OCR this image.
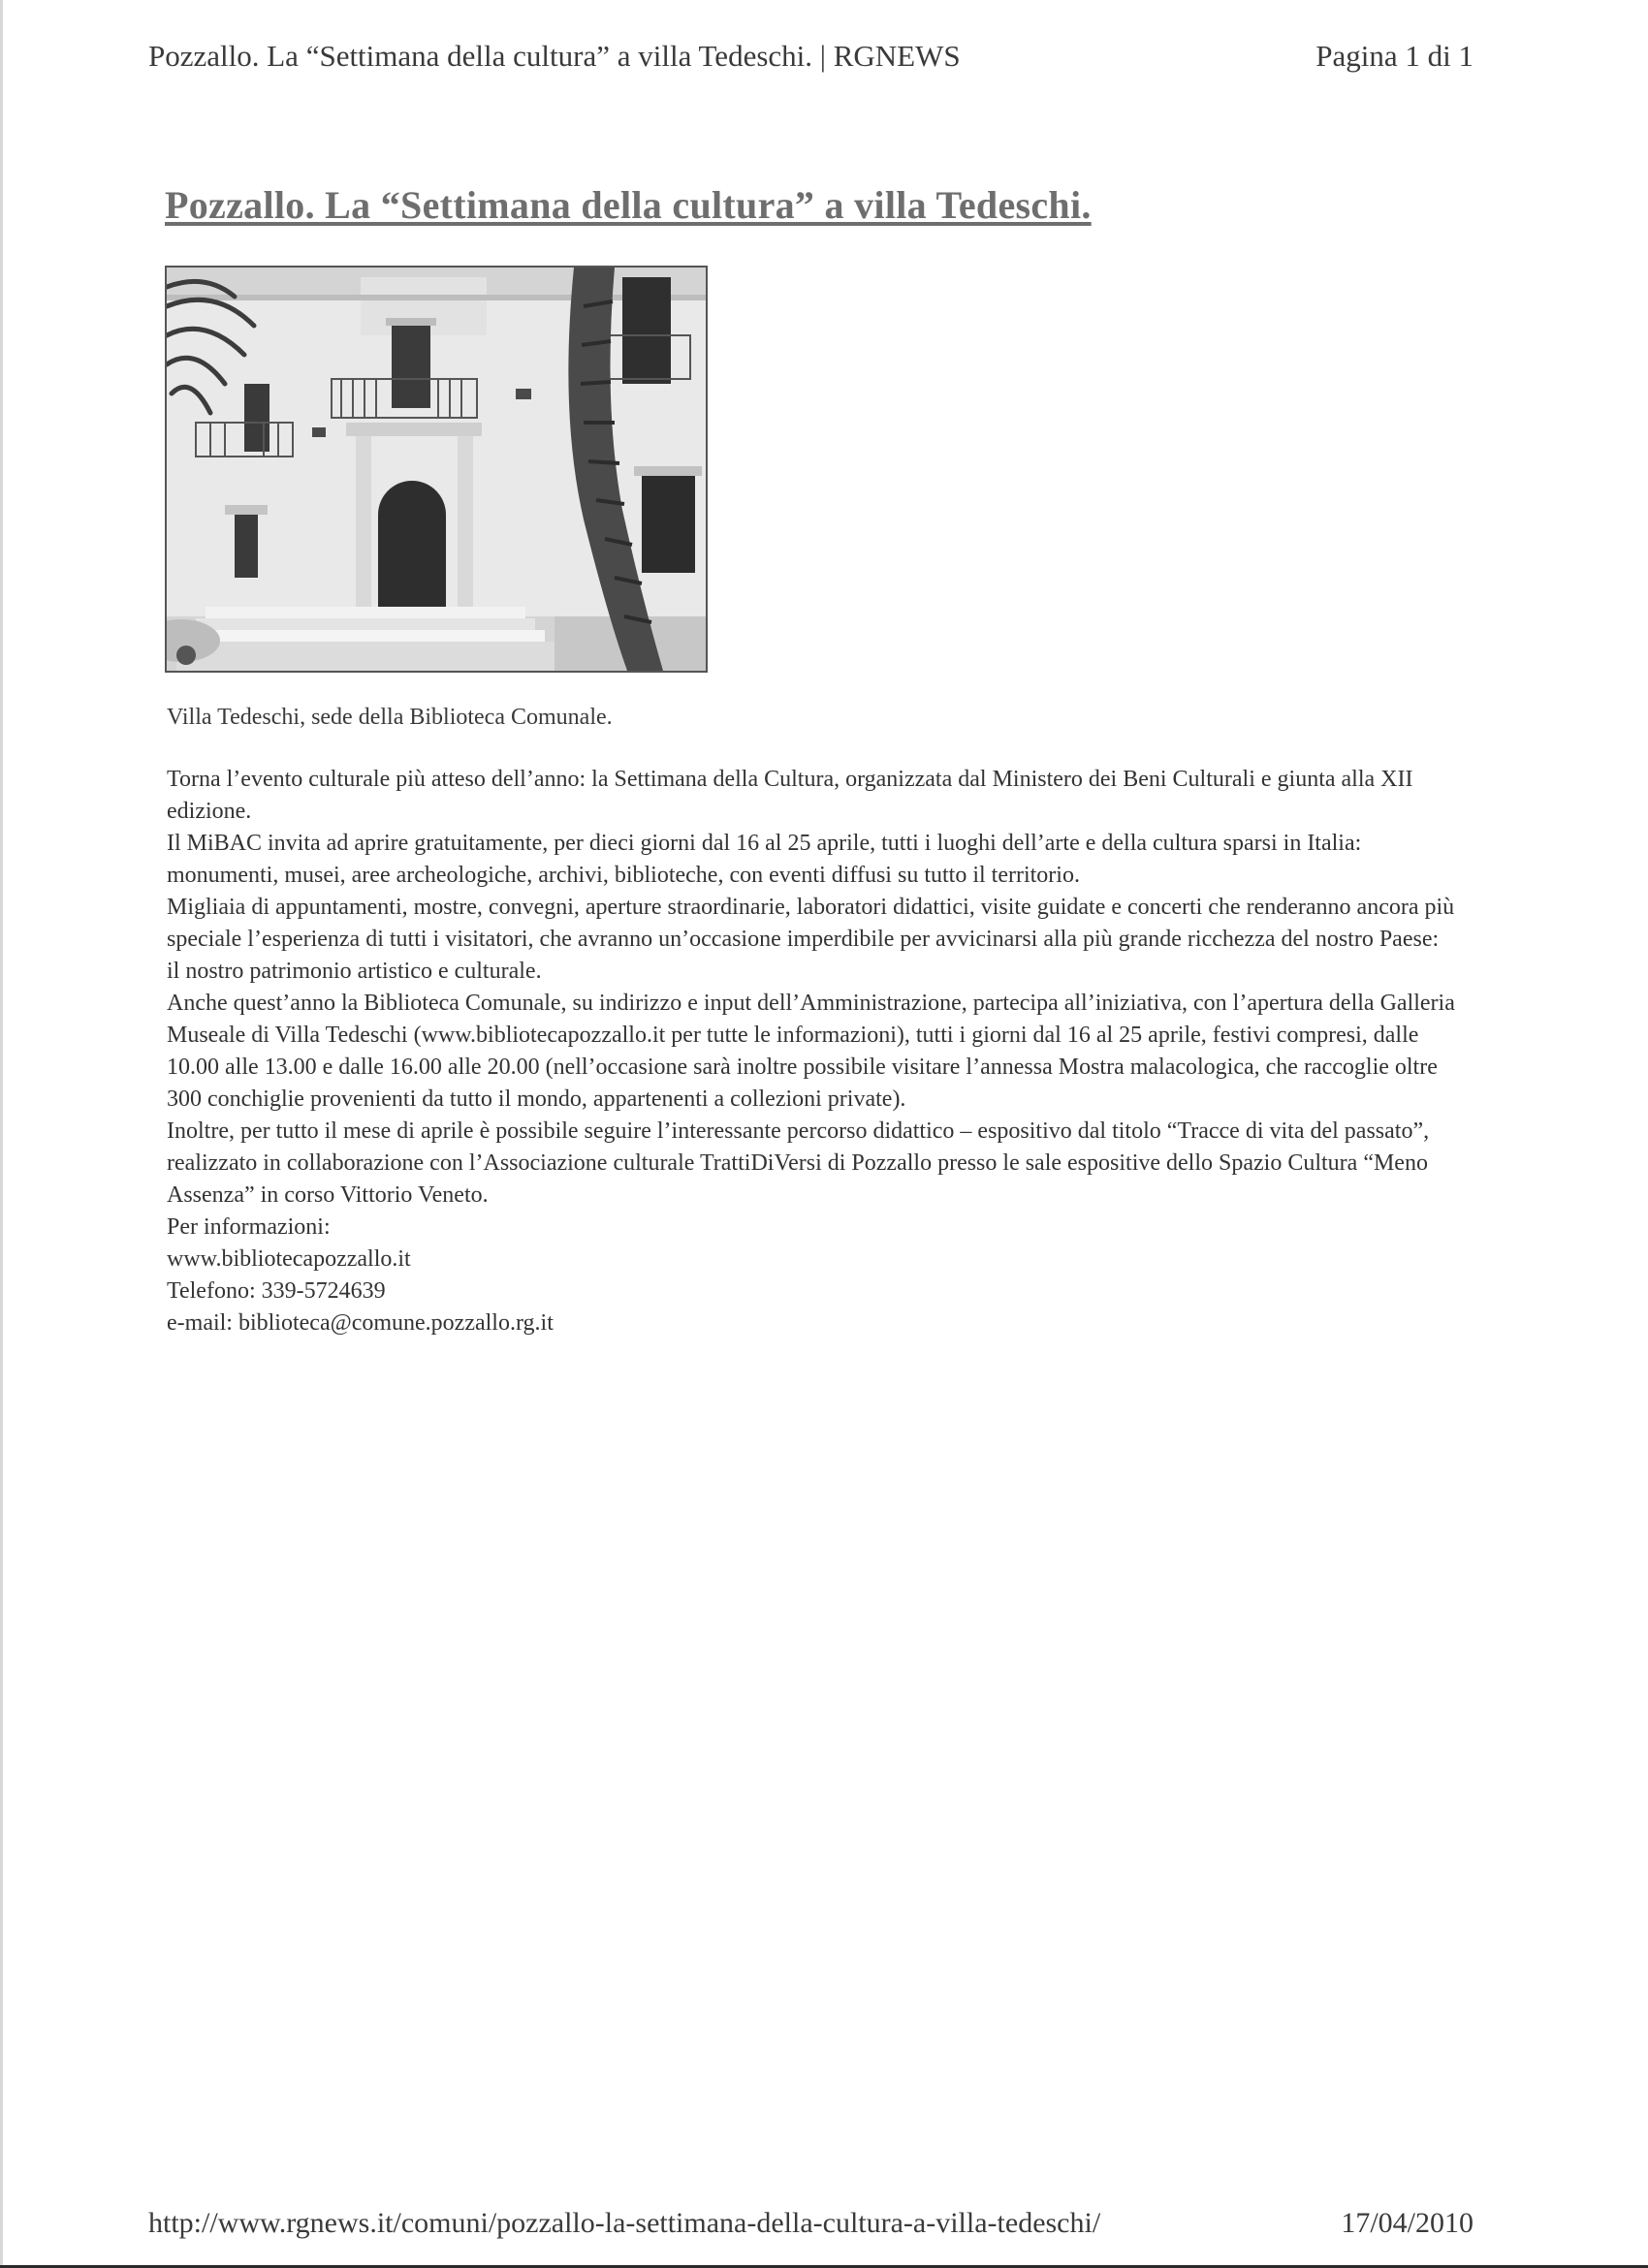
Pozzallo. La “Settimana della cultura” a villa Tedeschi. | RGNEWS	Pagina 1 di 1
Pozzallo. La “Settimana della cultura” a villa Tedeschi.
Villa Tedeschi, sede della Biblioteca Comunale.

Torna l’evento culturale più atteso dell’anno: la Settimana della Cultura, organizzata dal Ministero dei Beni Culturali e giunta alla XII edizione.

Il MiBAC invita ad aprire gratuitamente, per dieci giorni dal 16 al 25 aprile, tutti i luoghi dell’arte e della cultura sparsi in Italia: monumenti, musei, aree archeologiche, archivi, biblioteche, con eventi diffusi su tutto il territorio.

Migliaia di appuntamenti, mostre, convegni, aperture straordinarie, laboratori didattici, visite guidate e concerti che renderanno ancora più speciale l’esperienza di tutti i visitatori, che avranno un’occasione imperdibile per avvicinarsi alla più grande ricchezza del nostro Paese: il nostro patrimonio artistico e culturale.

Anche quest’anno la Biblioteca Comunale, su indirizzo e input dell’Amministrazione, partecipa all’iniziativa, con l’apertura della Galleria Museale di Villa Tedeschi (www.bibliotecapozzallo.it per tutte le informazioni), tutti i giorni dal 16 al 25 aprile, festivi compresi, dalle 10.00 alle 13.00 e dalle 16.00 alle 20.00 (nell’occasione sarà inoltre possibile visitare l’annessa Mostra malacologica, che raccoglie oltre 300 conchiglie provenienti da tutto il mondo, appartenenti a collezioni private).

Inoltre, per tutto il mese di aprile è possibile seguire l’interessante percorso didattico – espositivo dal titolo “Tracce di vita del passato”, realizzato in collaborazione con l’Associazione culturale TrattiDiVersi di Pozzallo presso le sale espositive dello Spazio Cultura “Meno Assenza” in corso Vittorio Veneto.

Per informazioni:

www.bibliotecapozzallo.it

Telefono: 339-5724639

e-mail: biblioteca@comune.pozzallo.rg.it

http://www.rgnews.it/comuni/pozzallo-la-settimana-della-cultura-a-villa-tedeschi/	17/04/2010
